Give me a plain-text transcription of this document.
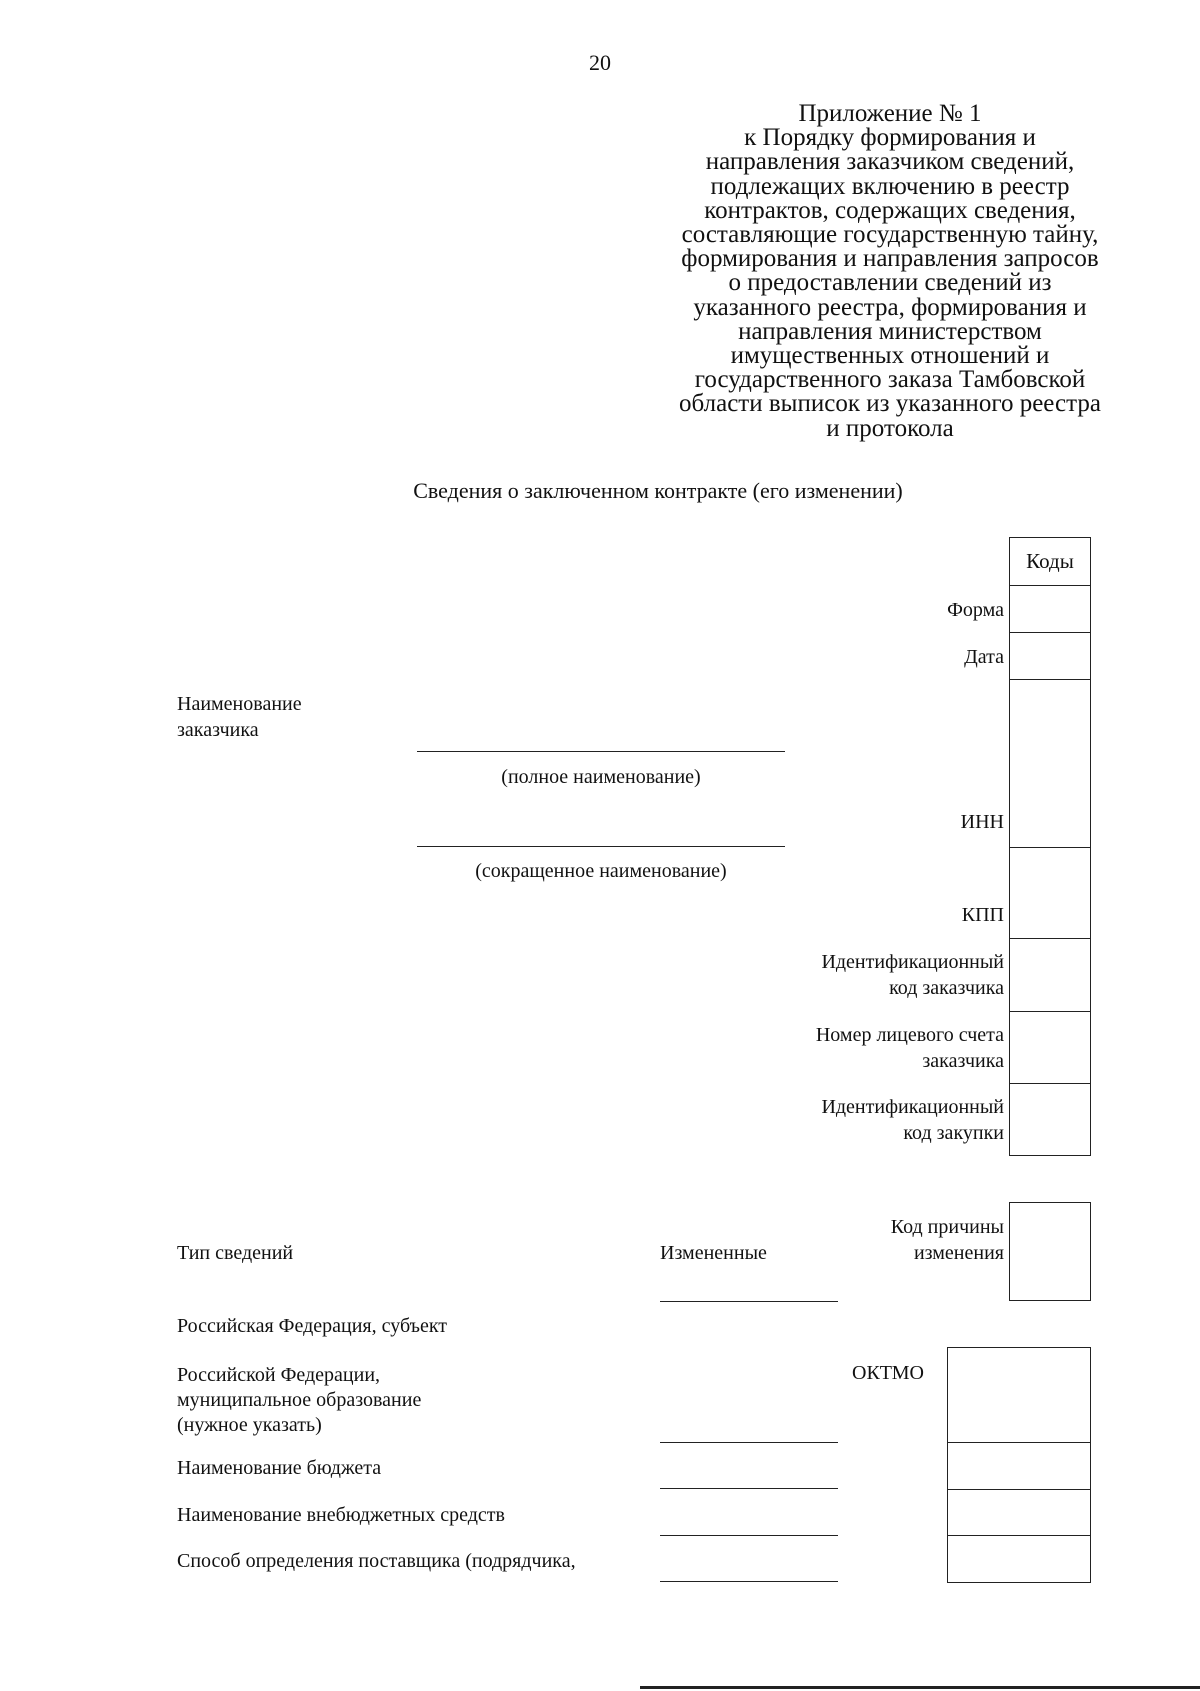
20
Приложение № 1
к Порядку формирования и
направления заказчиком сведений,
подлежащих включению в реестр
контрактов, содержащих сведения,
составляющие государственную тайну,
формирования и направления запросов
о предоставлении сведений из
указанного реестра, формирования и
направления министерством
имущественных отношений и
государственного заказа Тамбовской
области выписок из указанного реестра
и протокола
Сведения о заключенном контракте (его изменении)
Коды
Форма
Дата
Наименование
заказчика
(полное наименование)
ИНН
(сокращенное наименование)
КПП
Идентификационный
код заказчика
Номер лицевого счета
заказчика
Идентификационный
код закупки
Тип сведений	Измененные
Код причины
изменения
Российская Федерация, субъект
Российской Федерации,
муниципальное образование
(нужное указать)
ОКТМО
Наименование бюджета
Наименование внебюджетных средств
Способ определения поставщика (подрядчика,
